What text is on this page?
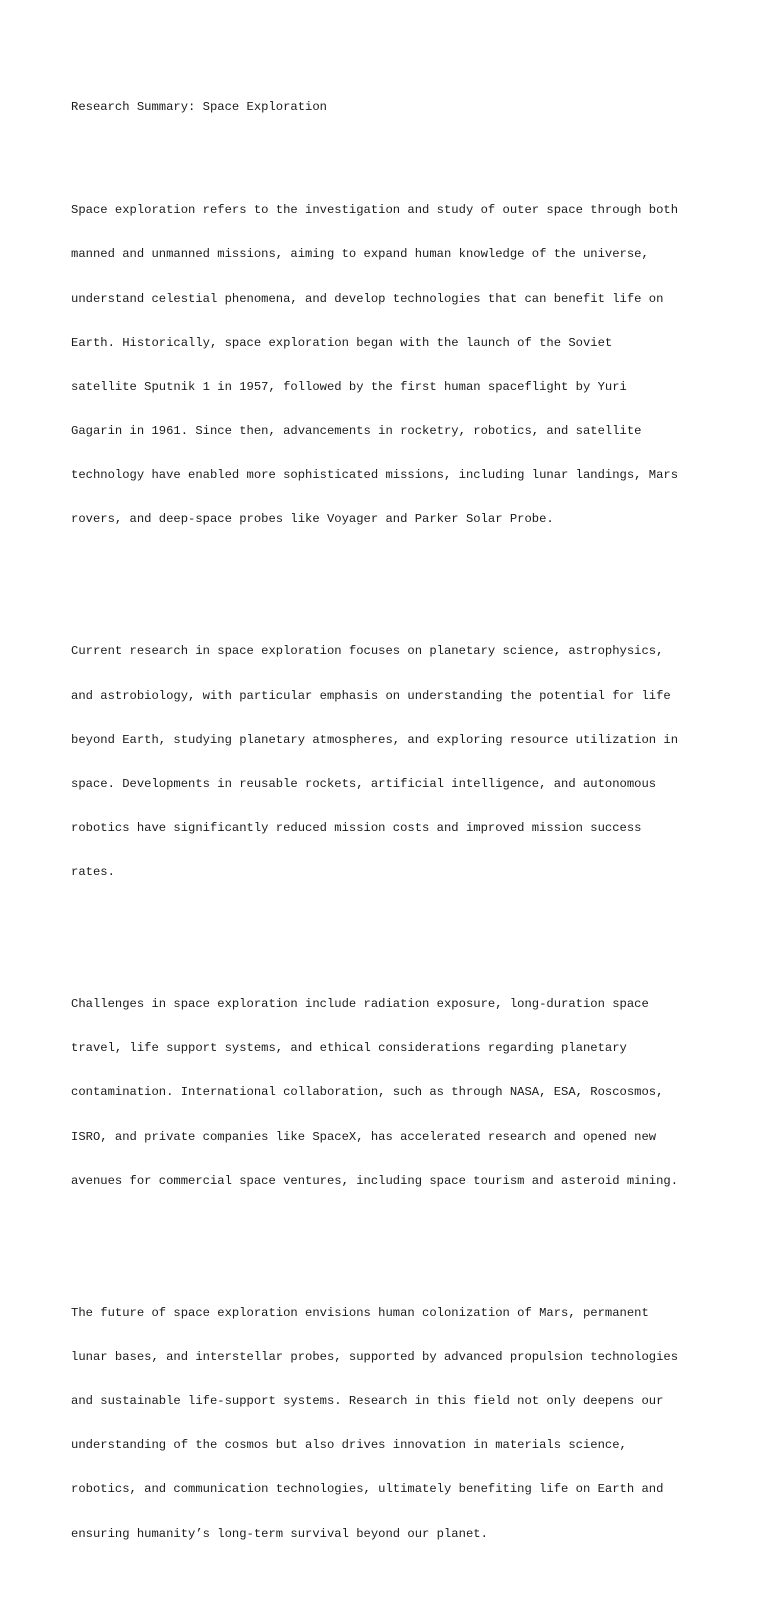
Research Summary: Space Exploration

Space exploration refers to the investigation and study of outer space through both

manned and unmanned missions, aiming to expand human knowledge of the universe,

understand celestial phenomena, and develop technologies that can benefit life on

Earth. Historically, space exploration began with the launch of the Soviet

satellite Sputnik 1 in 1957, followed by the first human spaceflight by Yuri

Gagarin in 1961. Since then, advancements in rocketry, robotics, and satellite

technology have enabled more sophisticated missions, including lunar landings, Mars

rovers, and deep-space probes like Voyager and Parker Solar Probe.

Current research in space exploration focuses on planetary science, astrophysics,

and astrobiology, with particular emphasis on understanding the potential for life

beyond Earth, studying planetary atmospheres, and exploring resource utilization in

space. Developments in reusable rockets, artificial intelligence, and autonomous

robotics have significantly reduced mission costs and improved mission success

rates.

Challenges in space exploration include radiation exposure, long-duration space

travel, life support systems, and ethical considerations regarding planetary

contamination. International collaboration, such as through NASA, ESA, Roscosmos,

ISRO, and private companies like SpaceX, has accelerated research and opened new

avenues for commercial space ventures, including space tourism and asteroid mining.

The future of space exploration envisions human colonization of Mars, permanent

lunar bases, and interstellar probes, supported by advanced propulsion technologies

and sustainable life-support systems. Research in this field not only deepens our

understanding of the cosmos but also drives innovation in materials science,

robotics, and communication technologies, ultimately benefiting life on Earth and

ensuring humanity’s long-term survival beyond our planet.
